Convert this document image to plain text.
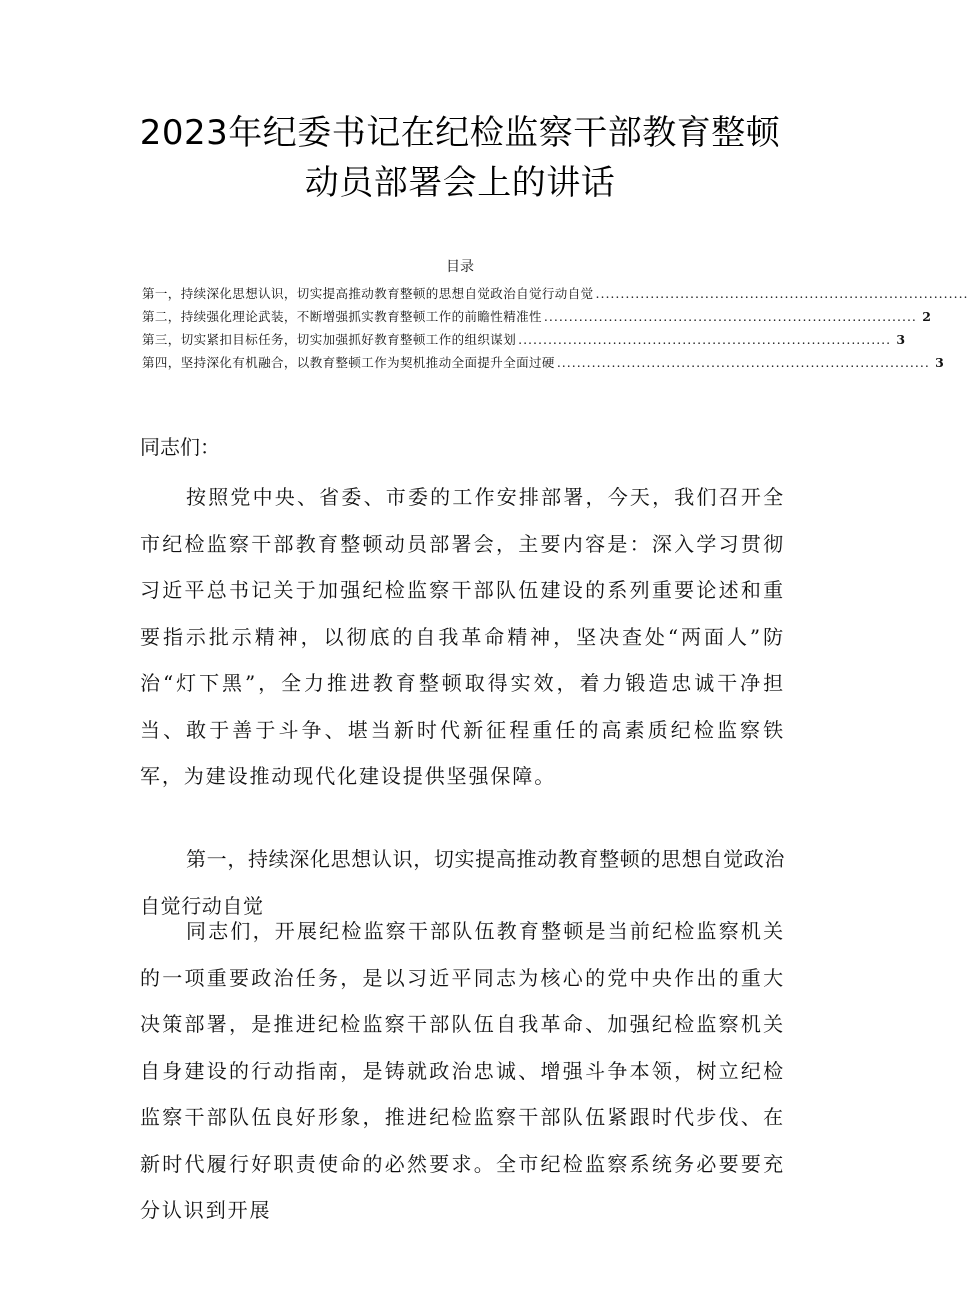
2023年纪委书记在纪检监察干部教育整顿
动员部署会上的讲话
目录
第一，持续深化思想认识，切实提高推动教育整顿的思想自觉政治自觉行动自觉 ...........................................................................
第二，持续强化理论武装，不断增强抓实教育整顿工作的前瞻性精准性 ........................................................................... 2
第三，切实紧扣目标任务，切实加强抓好教育整顿工作的组织谋划 ........................................................................... 3
第四，坚持深化有机融合，以教育整顿工作为契机推动全面提升全面过硬 ........................................................................... 3
同志们：
按照党中央、省委、市委的工作安排部署，今天，我们召开全市纪检监察干部教育整顿动员部署会，主要内容是：深入学习贯彻习近平总书记关于加强纪检监察干部队伍建设的系列重要论述和重要指示批示精神，以彻底的自我革命精神，坚决查处“两面人”防治“灯下黑”，全力推进教育整顿取得实效，着力锻造忠诚干净担当、敢于善于斗争、堪当新时代新征程重任的高素质纪检监察铁军，为建设推动现代化建设提供坚强保障。
第一，持续深化思想认识，切实提高推动教育整顿的思想自觉政治自觉行动自觉
同志们，开展纪检监察干部队伍教育整顿是当前纪检监察机关的一项重要政治任务，是以习近平同志为核心的党中央作出的重大决策部署，是推进纪检监察干部队伍自我革命、加强纪检监察机关自身建设的行动指南，是铸就政治忠诚、增强斗争本领，树立纪检监察干部队伍良好形象，推进纪检监察干部队伍紧跟时代步伐、在新时代履行好职责使命的必然要求。全市纪检监察系统务必要要充分认识到开展
